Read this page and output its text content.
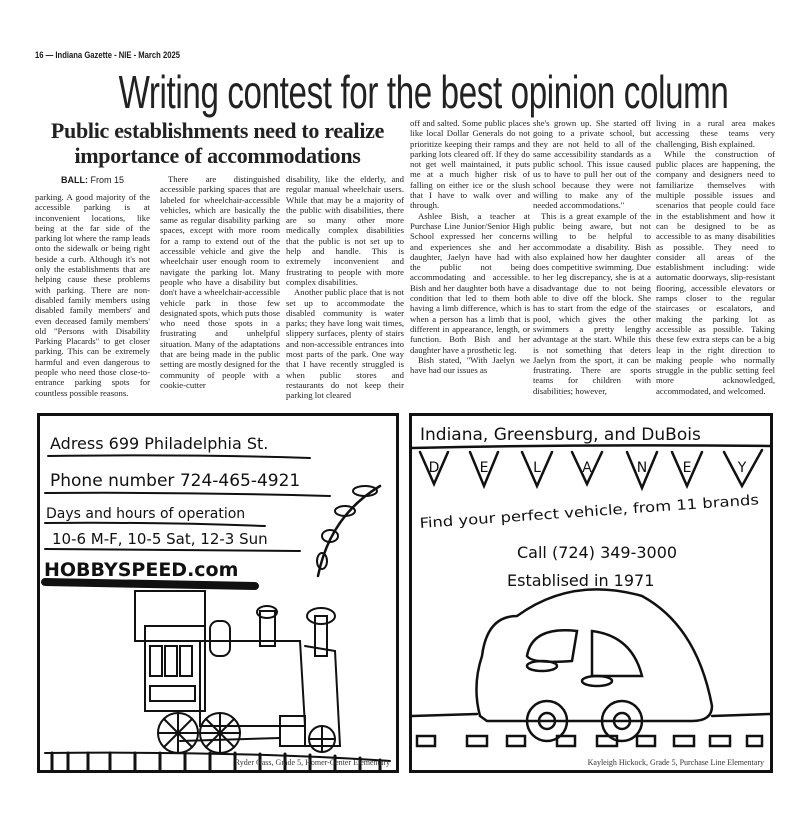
16 — Indiana Gazette - NIE - March 2025
Writing contest for the best opinion column
Public establishments need to realize
importance of accommodations
BALL: From 15

parking. A good majority of the accessible parking is at inconvenient locations, like being at the far side of the parking lot where the ramp leads onto the sidewalk or being right beside a curb. Although it's not only the establishments that are helping cause these problems with parking. There are non-disabled family members using disabled family members' and even deceased family members' old "Persons with Disability Parking Placards" to get closer parking. This can be extremely harmful and even dangerous to people who need those close-to-entrance parking spots for countless possible reasons.

There are distinguished accessible parking spaces that are labeled for wheelchair-accessible vehicles, which are basically the same as regular disability parking spaces, except with more room for a ramp to extend out of the accessible vehicle and give the wheelchair user enough room to navigate the parking lot. Many people who have a disability but don't have a wheelchair-accessible vehicle park in those few designated spots, which puts those who need those spots in a frustrating and unhelpful situation. Many of the adaptations that are being made in the public setting are mostly designed for the community of people with a cookie-cutter

disability, like the elderly, and regular manual wheelchair users. While that may be a majority of the public with disabilities, there are so many other more medically complex disabilities that the public is not set up to help and handle. This is extremely inconvenient and frustrating to people with more complex disabilities.

Another public place that is not set up to accommodate the disabled community is water parks; they have long wait times, slippery surfaces, plenty of stairs and non-accessible entrances into most parts of the park. One way that I have recently struggled is when public stores and restaurants do not keep their parking lot cleared

off and salted. Some public places like local Dollar Generals do not prioritize keeping their ramps and parking lots cleared off. If they do not get well maintained, it puts me at a much higher risk of falling on either ice or the slush that I have to walk over and through.

Ashlee Bish, a teacher at Purchase Line Junior/Senior High School expressed her concerns and experiences she and her daughter, Jaelyn have had with the public not being accommodating and accessible. Bish and her daughter both have a condition that led to them both having a limb difference, which is when a person has a limb that is different in appearance, length, or function. Both Bish and her daughter have a prosthetic leg.

Bish stated, "With Jaelyn we have had our issues as

she's grown up. She started off going to a private school, but they are not held to all of the same accessibility standards as a public school. This issue caused us to have to pull her out of the school because they were not willing to make any of the needed accommodations."

This is a great example of the public being aware, but not willing to be helpful to accommodate a disability. Bish also explained how her daughter does competitive swimming. Due to her leg discrepancy, she is at a disadvantage due to not being able to dive off the block. She has to start from the edge of the pool, which gives the other swimmers a pretty lengthy advantage at the start. While this is not something that deters Jaelyn from the sport, it can be frustrating. There are sports teams for children with disabilities; however,

living in a rural area makes accessing these teams very challenging, Bish explained.

While the construction of public places are happening, the company and designers need to familiarize themselves with multiple possible issues and scenarios that people could face in the establishment and how it can be designed to be as accessible to as many disabilities as possible. They need to consider all areas of the establishment including: wide automatic doorways, slip-resistant flooring, accessible elevators or ramps closer to the regular staircases or escalators, and making the parking lot as accessible as possible. Taking these few extra steps can be a big leap in the right direction to making people who normally struggle in the public setting feel more acknowledged, accommodated, and welcomed.

Adress 699 Philadelphia St.
Phone number 724-465-4921
Days and hours of operation
10-6 M-F, 10-5 Sat, 12-3 Sun
HOBBYSPEED.com
Ryder Gass, Grade 5, Homer-Center Elementary
Indiana, Greensburg, and DuBois
D	E	L	A	N	E	Y
Find your perfect vehicle, from 11 brands
Call (724) 349-3000
Establised in 1971
Kayleigh Hickock, Grade 5, Purchase Line Elementary
